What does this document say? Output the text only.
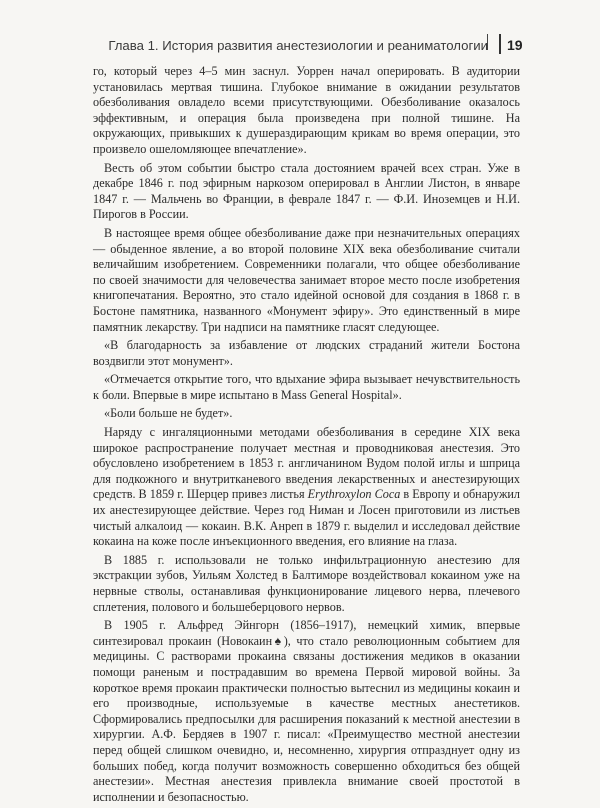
Глава 1. История развития анестезиологии и реаниматологии 19

го, который через 4–5 мин заснул. Уоррен начал оперировать. В аудитории установилась мертвая тишина. Глубокое внимание в ожидании результатов обезболивания овладело всеми присутствующими. Обезболивание оказалось эффективным, и операция была произведена при полной тишине. На окружающих, привыкших к душераздирающим крикам во время операции, это произвело ошеломляющее впечатление».

Весть об этом событии быстро стала достоянием врачей всех стран. Уже в декабре 1846 г. под эфирным наркозом оперировал в Англии Листон, в январе 1847 г. — Мальчень во Франции, в феврале 1847 г. — Ф.И. Иноземцев и Н.И. Пирогов в России.

В настоящее время общее обезболивание даже при незначительных операциях — обыденное явление, а во второй половине XIX века обезболивание считали величайшим изобретением. Современники полагали, что общее обезболивание по своей значимости для человечества занимает второе место после изобретения книгопечатания. Вероятно, это стало идейной основой для создания в 1868 г. в Бостоне памятника, названного «Монумент эфиру». Это единственный в мире памятник лекарству. Три надписи на памятнике гласят следующее.

«В благодарность за избавление от людских страданий жители Бостона воздвигли этот монумент».

«Отмечается открытие того, что вдыхание эфира вызывает нечувствительность к боли. Впервые в мире испытано в Mass General Hospital».

«Боли больше не будет».

Наряду с ингаляционными методами обезболивания в середине XIX века широкое распространение получает местная и проводниковая анестезия. Это обусловлено изобретением в 1853 г. англичанином Вудом полой иглы и шприца для подкожного и внутритканевого введения лекарственных и анестезирующих средств. В 1859 г. Шерцер привез листья Erythroxylon Coca в Европу и обнаружил их анестезирующее действие. Через год Ниман и Лосен приготовили из листьев чистый алкалоид — кокаин. В.К. Анреп в 1879 г. выделил и исследовал действие кокаина на коже после инъекционного введения, его влияние на глаза.

В 1885 г. использовали не только инфильтрационную анестезию для экстракции зубов, Уильям Холстед в Балтиморе воздействовал кокаином уже на нервные стволы, останавливая функционирование лицевого нерва, плечевого сплетения, полового и большеберцового нервов.

В 1905 г. Альфред Эйнгорн (1856–1917), немецкий химик, впервые синтезировал прокаин (Новокаин♠), что стало революционным событием для медицины. С растворами прокаина связаны достижения медиков в оказании помощи раненым и пострадавшим во времена Первой мировой войны. За короткое время прокаин практически полностью вытеснил из медицины кокаин и его производные, используемые в качестве местных анестетиков. Сформировались предпосылки для расширения показаний к местной анестезии в хирургии. А.Ф. Бердяев в 1907 г. писал: «Преимущество местной анестезии перед общей слишком очевидно, и, несомненно, хирургия отпразднует одну из больших побед, когда получит возможность совершенно обходиться без общей анестезии». Местная анестезия привлекла внимание своей простотой в исполнении и безопасностью.
